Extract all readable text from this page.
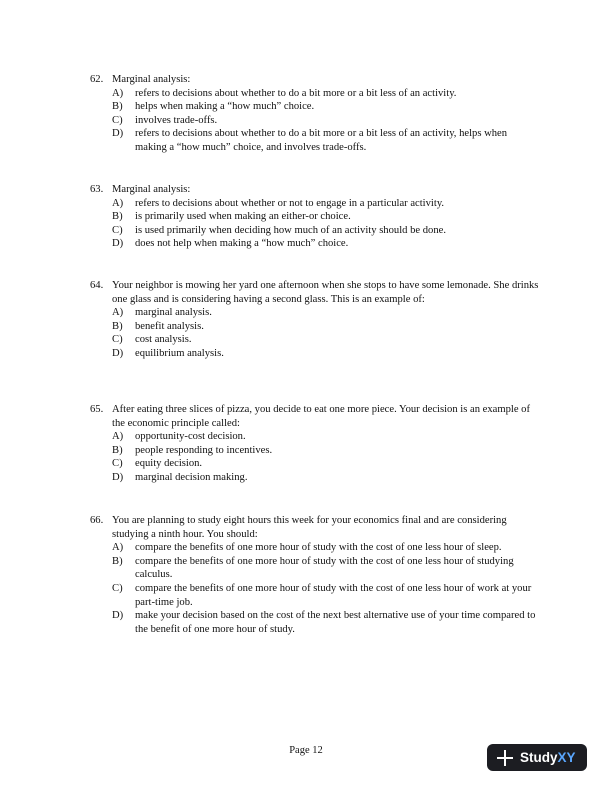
62. Marginal analysis:
A)	refers to decisions about whether to do a bit more or a bit less of an activity.
B)	helps when making a “how much” choice.
C)	involves trade-offs.
D)	refers to decisions about whether to do a bit more or a bit less of an activity, helps when making a “how much” choice, and involves trade-offs.
63. Marginal analysis:
A)	refers to decisions about whether or not to engage in a particular activity.
B)	is primarily used when making an either-or choice.
C)	is used primarily when deciding how much of an activity should be done.
D)	does not help when making a “how much” choice.
64. Your neighbor is mowing her yard one afternoon when she stops to have some lemonade. She drinks one glass and is considering having a second glass. This is an example of:
A)	marginal analysis.
B)	benefit analysis.
C)	cost analysis.
D)	equilibrium analysis.
65. After eating three slices of pizza, you decide to eat one more piece. Your decision is an example of the economic principle called:
A)	opportunity-cost decision.
B)	people responding to incentives.
C)	equity decision.
D)	marginal decision making.
66. You are planning to study eight hours this week for your economics final and are considering studying a ninth hour. You should:
A)	compare the benefits of one more hour of study with the cost of one less hour of sleep.
B)	compare the benefits of one more hour of study with the cost of one less hour of studying calculus.
C)	compare the benefits of one more hour of study with the cost of one less hour of work at your part-time job.
D)	make your decision based on the cost of the next best alternative use of your time compared to the benefit of one more hour of study.
Page 12	Study XY
